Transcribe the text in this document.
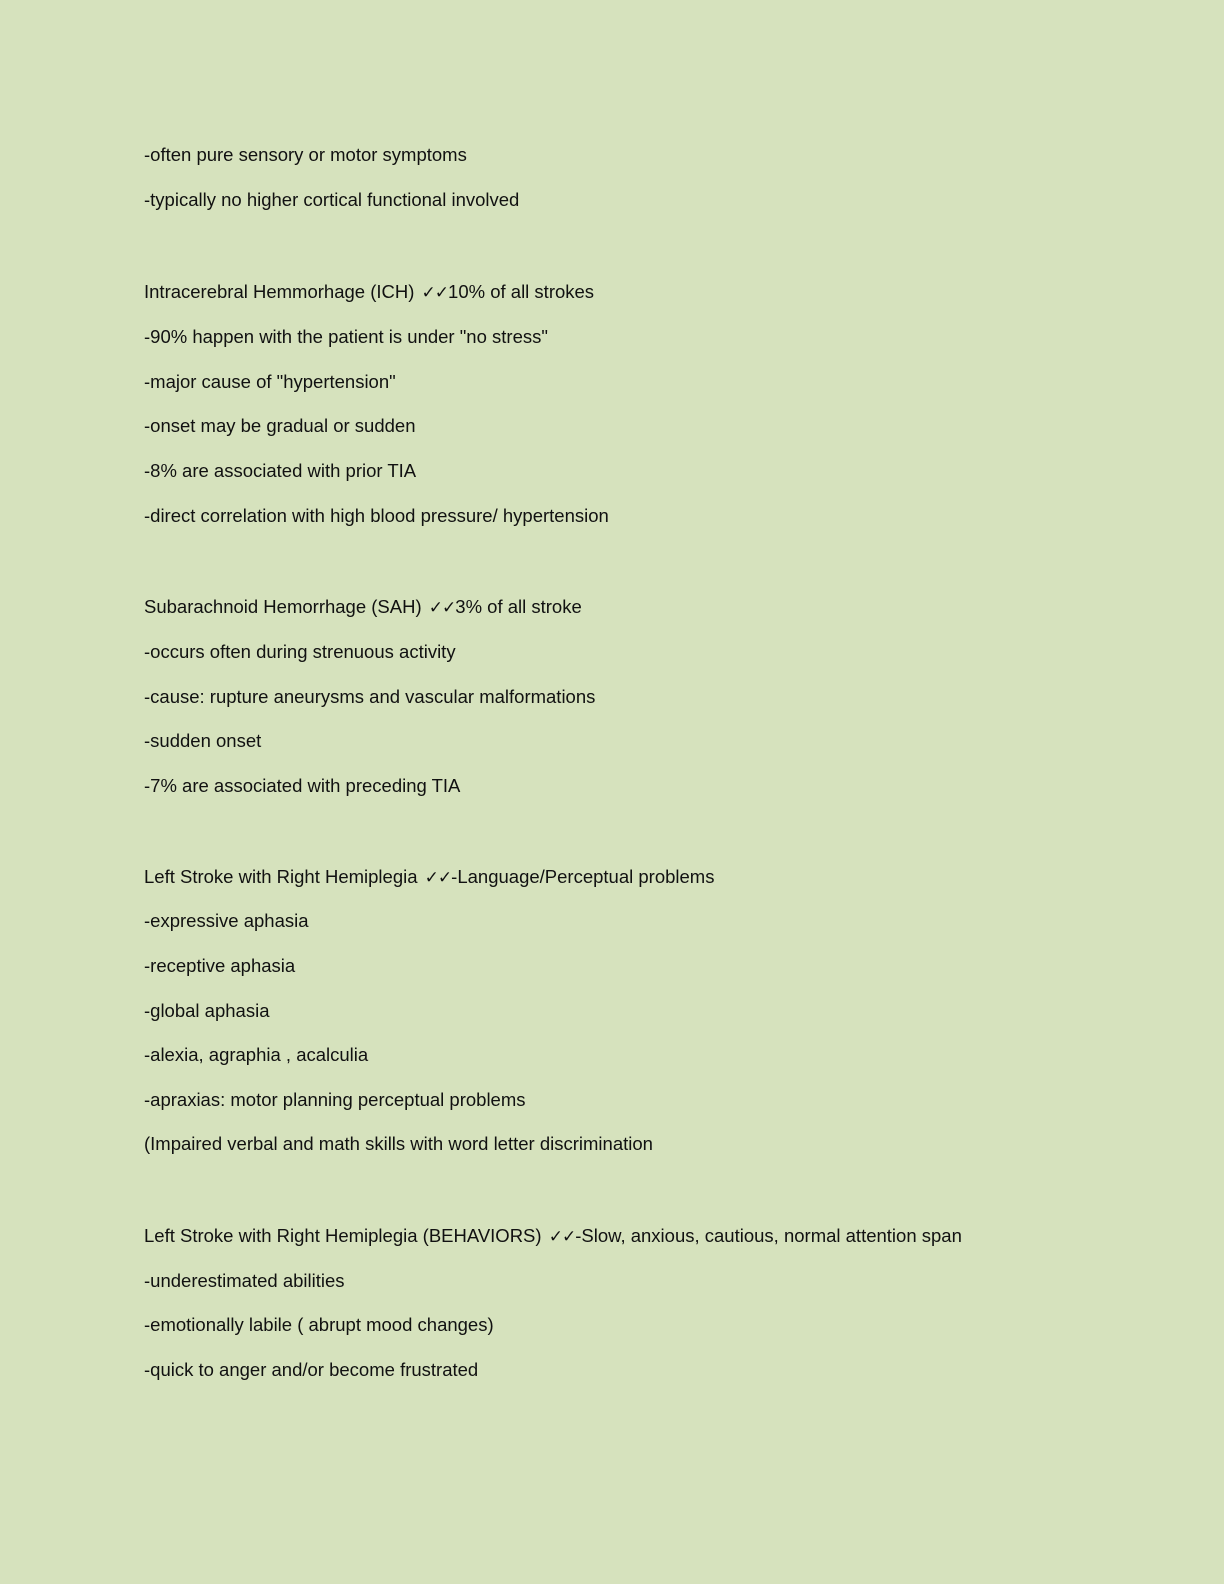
-often pure sensory or motor symptoms
-typically no higher cortical functional involved
Intracerebral Hemmorhage (ICH) ✓✓10% of all strokes
-90% happen with the patient is under "no stress"
-major cause of "hypertension"
-onset may be gradual or sudden
-8% are associated with prior TIA
-direct correlation with high blood pressure/ hypertension
Subarachnoid Hemorrhage (SAH) ✓✓3% of all stroke
-occurs often during strenuous activity
-cause: rupture aneurysms and vascular malformations
-sudden onset
-7% are associated with preceding TIA
Left Stroke with Right Hemiplegia ✓✓-Language/Perceptual problems
-expressive aphasia
-receptive aphasia
-global aphasia
-alexia, agraphia , acalculia
-apraxias: motor planning perceptual problems
(Impaired verbal and math skills with word letter discrimination
Left Stroke with Right Hemiplegia (BEHAVIORS) ✓✓-Slow, anxious, cautious, normal attention span
-underestimated abilities
-emotionally labile ( abrupt mood changes)
-quick to anger and/or become frustrated
